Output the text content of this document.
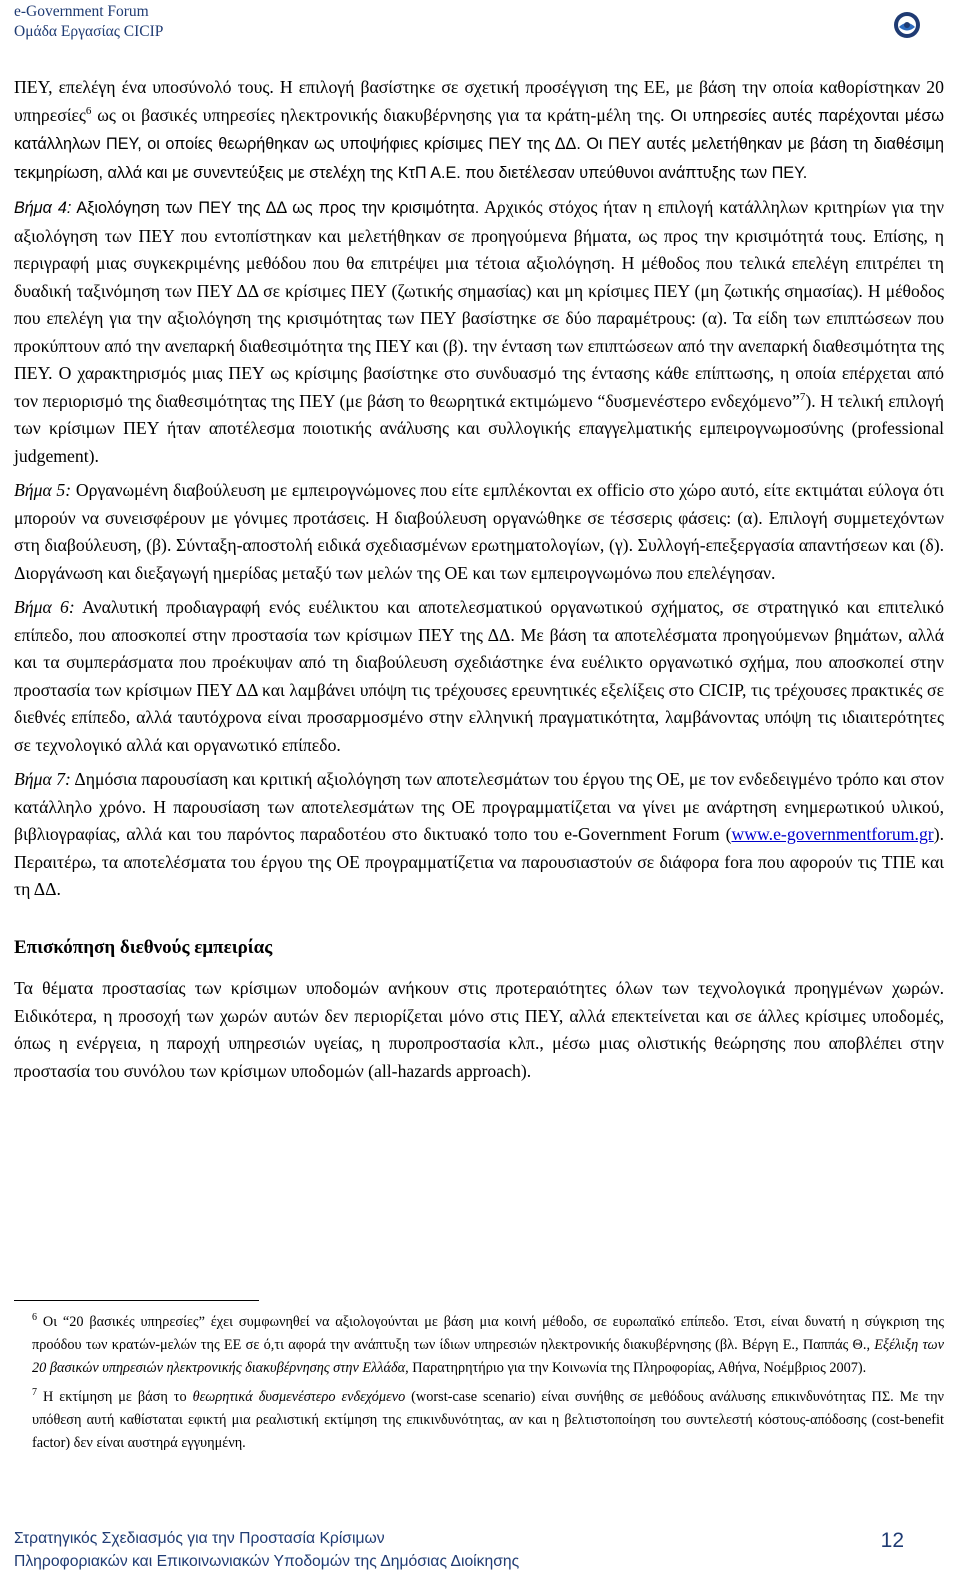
e-Government Forum
Ομάδα Εργασίας CICIP

ΠΕΥ, επελέγη ένα υποσύνολό τους. Η επιλογή βασίστηκε σε σχετική προσέγγιση της ΕΕ, με βάση την οποία καθορίστηκαν 20 υπηρεσίες$^6$ ως οι βασικές υπηρεσίες ηλεκτρονικής διακυβέρνησης για τα κράτη-μέλη της. Οι υπηρεσίες αυτές παρέχονται μέσω κατάλληλων ΠΕΥ, οι οποίες θεωρήθηκαν ως υποψήφιες κρίσιμες ΠΕΥ της ΔΔ. Οι ΠΕΥ αυτές μελετήθηκαν με βάση τη διαθέσιμη τεκμηρίωση, αλλά και με συνεντεύξεις με στελέχη της ΚτΠ Α.Ε. που διετέλεσαν υπεύθυνοι ανάπτυξης των ΠΕΥ.

Βήμα 4: Αξιολόγηση των ΠΕΥ της ΔΔ ως προς την κρισιμότητα. Αρχικός στόχος ήταν η επιλογή κατάλληλων κριτηρίων για την αξιολόγηση των ΠΕΥ που εντοπίστηκαν και μελετήθηκαν σε προηγούμενα βήματα, ως προς την κρισιμότητά τους. Επίσης, η περιγραφή μιας συγκεκριμένης μεθόδου που θα επιτρέψει μια τέτοια αξιολόγηση. Η μέθοδος που τελικά επελέγη επιτρέπει τη δυαδική ταξινόμηση των ΠΕΥ ΔΔ σε κρίσιμες ΠΕΥ (ζωτικής σημασίας) και μη κρίσιμες ΠΕΥ (μη ζωτικής σημασίας). Η μέθοδος που επελέγη για την αξιολόγηση της κρισιμότητας των ΠΕΥ βασίστηκε σε δύο παραμέτρους: (α). Τα είδη των επιπτώσεων που προκύπτουν από την ανεπαρκή διαθεσιμότητα της ΠΕΥ και (β). την ένταση των επιπτώσεων από την ανεπαρκή διαθεσιμότητα της ΠΕΥ. Ο χαρακτηρισμός μιας ΠΕΥ ως κρίσιμης βασίστηκε στο συνδυασμό της έντασης κάθε επίπτωσης, η οποία επέρχεται από τον περιορισμό της διαθεσιμότητας της ΠΕΥ (με βάση το θεωρητικά εκτιμώμενο “δυσμενέστερο ενδεχόμενο”$^7$). Η τελική επιλογή των κρίσιμων ΠΕΥ ήταν αποτέλεσμα ποιοτικής ανάλυσης και συλλογικής επαγγελματικής εμπειρογνωμοσύνης (professional judgement).

Βήμα 5: Οργανωμένη διαβούλευση με εμπειρογνώμονες που είτε εμπλέκονται ex officio στο χώρο αυτό, είτε εκτιμάται εύλογα ότι μπορούν να συνεισφέρουν με γόνιμες προτάσεις. Η διαβούλευση οργανώθηκε σε τέσσερις φάσεις: (α). Επιλογή συμμετεχόντων στη διαβούλευση, (β). Σύνταξη-αποστολή ειδικά σχεδιασμένων ερωτηματολογίων, (γ). Συλλογή-επεξεργασία απαντήσεων και (δ). Διοργάνωση και διεξαγωγή ημερίδας μεταξύ των μελών της ΟΕ και των εμπειρογνωμόνω που επελέγησαν.

Βήμα 6: Αναλυτική προδιαγραφή ενός ευέλικτου και αποτελεσματικού οργανωτικού σχήματος, σε στρατηγικό και επιτελικό επίπεδο, που αποσκοπεί στην προστασία των κρίσιμων ΠΕΥ της ΔΔ. Με βάση τα αποτελέσματα προηγούμενων βημάτων, αλλά και τα συμπεράσματα που προέκυψαν από τη διαβούλευση σχεδιάστηκε ένα ευέλικτο οργανωτικό σχήμα, που αποσκοπεί στην προστασία των κρίσιμων ΠΕΥ ΔΔ και λαμβάνει υπόψη τις τρέχουσες ερευνητικές εξελίξεις στο CICIP, τις τρέχουσες πρακτικές σε διεθνές επίπεδο, αλλά ταυτόχρονα είναι προσαρμοσμένο στην ελληνική πραγματικότητα, λαμβάνοντας υπόψη τις ιδιαιτερότητες σε τεχνολογικό αλλά και οργανωτικό επίπεδο.

Βήμα 7: Δημόσια παρουσίαση και κριτική αξιολόγηση των αποτελεσμάτων του έργου της ΟΕ, με τον ενδεδειγμένο τρόπο και στον κατάλληλο χρόνο. Η παρουσίαση των αποτελεσμάτων της ΟΕ προγραμματίζεται να γίνει με ανάρτηση ενημερωτικού υλικού, βιβλιογραφίας, αλλά και του παρόντος παραδοτέου στο δικτυακό τοπο του e-Government Forum (www.e-governmentforum.gr). Περαιτέρω, τα αποτελέσματα του έργου της ΟΕ προγραμματίζετια να παρουσιαστούν σε διάφορα fora που αφορούν τις ΤΠΕ και τη ΔΔ.

Επισκόπηση διεθνούς εμπειρίας

Τα θέματα προστασίας των κρίσιμων υποδομών ανήκουν στις προτεραιότητες όλων των τεχνολογικά προηγμένων χωρών. Ειδικότερα, η προσοχή των χωρών αυτών δεν περιορίζεται μόνο στις ΠΕΥ, αλλά επεκτείνεται και σε άλλες κρίσιμες υποδομές, όπως η ενέργεια, η παροχή υπηρεσιών υγείας, η πυροπροστασία κλπ., μέσω μιας ολιστικής θεώρησης που αποβλέπει στην προστασία του συνόλου των κρίσιμων υποδομών (all-hazards approach).

$^6$ Οι “20 βασικές υπηρεσίες” έχει συμφωνηθεί να αξιολογούνται με βάση μια κοινή μέθοδο, σε ευρωπαϊκό επίπεδο. Έτσι, είναι δυνατή η σύγκριση της προόδου των κρατών-μελών της ΕΕ σε ό,τι αφορά την ανάπτυξη των ίδιων υπηρεσιών ηλεκτρονικής διακυβέρνησης (βλ. Βέργη Ε., Παππάς Θ., Εξέλιξη των 20 βασικών υπηρεσιών ηλεκτρονικής διακυβέρνησης στην Ελλάδα, Παρατηρητήριο για την Κοινωνία της Πληροφορίας, Αθήνα, Νοέμβριος 2007).
$^7$ Η εκτίμηση με βάση το θεωρητικά δυσμενέστερο ενδεχόμενο (worst-case scenario) είναι συνήθης σε μεθόδους ανάλυσης επικινδυνότητας ΠΣ. Με την υπόθεση αυτή καθίσταται εφικτή μια ρεαλιστική εκτίμηση της επικινδυνότητας, αν και η βελτιστοποίηση του συντελεστή κόστους-απόδοσης (cost-benefit factor) δεν είναι αυστηρά εγγυημένη.
Στρατηγικός Σχεδιασμός για την Προστασία Κρίσιμων
Πληροφοριακών και Επικοινωνιακών Υποδομών της Δημόσιας Διοίκησης
12
